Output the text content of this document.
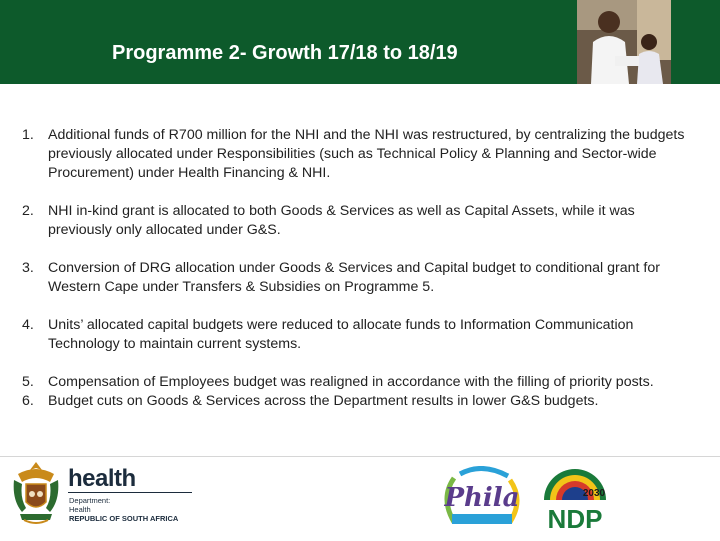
Programme 2- Growth 17/18 to 18/19
1. Additional funds of R700 million for the NHI and the NHI was restructured, by centralizing the budgets previously allocated under Responsibilities (such as Technical Policy & Planning and Sector-wide Procurement) under Health Financing & NHI.
2. NHI in-kind grant is allocated to both Goods & Services as well as Capital Assets, while it was previously only allocated under G&S.
3. Conversion of DRG allocation under Goods & Services and Capital budget to conditional grant for Western Cape under Transfers & Subsidies on Programme 5.
4. Units’ allocated capital budgets were reduced to allocate funds to Information Communication Technology to maintain current systems.
5. Compensation of Employees budget was realigned in accordance with the filling of priority posts.
6. Budget cuts on Goods & Services across the Department results in lower G&S budgets.
health
Department:
Health
REPUBLIC OF SOUTH AFRICA
Phila	2030
NDP
